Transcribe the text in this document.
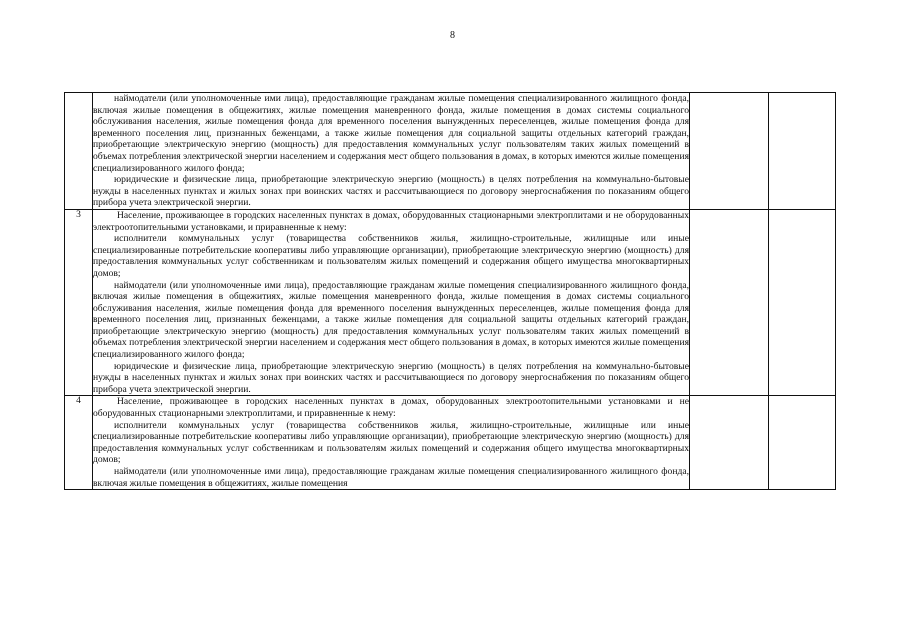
8

	наймодатели (или уполномоченные ими лица), предоставляющие гражданам жилые помещения специализированного жилищного фонда, включая жилые помещения в общежитиях, жилые помещения маневренного фонда, жилые помещения в домах системы социального обслуживания населения, жилые помещения фонда для временного поселения вынужденных переселенцев, жилые помещения фонда для временного поселения лиц, признанных беженцами, а также жилые помещения для социальной защиты отдельных категорий граждан, приобретающие электрическую энергию (мощность) для предоставления коммунальных услуг пользователям таких жилых помещений в объемах потребления электрической энергии населением и содержания мест общего пользования в домах, в которых имеются жилые помещения специализированного жилого фонда;

юридические и физические лица, приобретающие электрическую энергию (мощность) в целях потребления на коммунально-бытовые нужды в населенных пунктах и жилых зонах при воинских частях и рассчитывающиеся по договору энергоснабжения по показаниям общего прибора учета электрической энергии.		

3	Население, проживающее в городских населенных пунктах в домах, оборудованных стационарными электроплитами и не оборудованных электроотопительными установками, и приравненные к нему:

исполнители коммунальных услуг (товарищества собственников жилья, жилищно-строительные, жилищные или иные специализированные потребительские кооперативы либо управляющие организации), приобретающие электрическую энергию (мощность) для предоставления коммунальных услуг собственникам и пользователям жилых помещений и содержания общего имущества многоквартирных домов;

наймодатели (или уполномоченные ими лица), предоставляющие гражданам жилые помещения специализированного жилищного фонда, включая жилые помещения в общежитиях, жилые помещения маневренного фонда, жилые помещения в домах системы социального обслуживания населения, жилые помещения фонда для временного поселения вынужденных переселенцев, жилые помещения фонда для временного поселения лиц, признанных беженцами, а также жилые помещения для социальной защиты отдельных категорий граждан, приобретающие электрическую энергию (мощность) для предоставления коммунальных услуг пользователям таких жилых помещений в объемах потребления электрической энергии населением и содержания мест общего пользования в домах, в которых имеются жилые помещения специализированного жилого фонда;

юридические и физические лица, приобретающие электрическую энергию (мощность) в целях потребления на коммунально-бытовые нужды в населенных пунктах и жилых зонах при воинских частях и рассчитывающиеся по договору энергоснабжения по показаниям общего прибора учета электрической энергии.		

4	Население, проживающее в городских населенных пунктах в домах, оборудованных электроотопительными установками и не оборудованных стационарными электроплитами, и приравненные к нему:

исполнители коммунальных услуг (товарищества собственников жилья, жилищно-строительные, жилищные или иные специализированные потребительские кооперативы либо управляющие организации), приобретающие электрическую энергию (мощность) для предоставления коммунальных услуг собственникам и пользователям жилых помещений и содержания общего имущества многоквартирных домов;

наймодатели (или уполномоченные ими лица), предоставляющие гражданам жилые помещения специализированного жилищного фонда, включая жилые помещения в общежитиях, жилые помещения		
